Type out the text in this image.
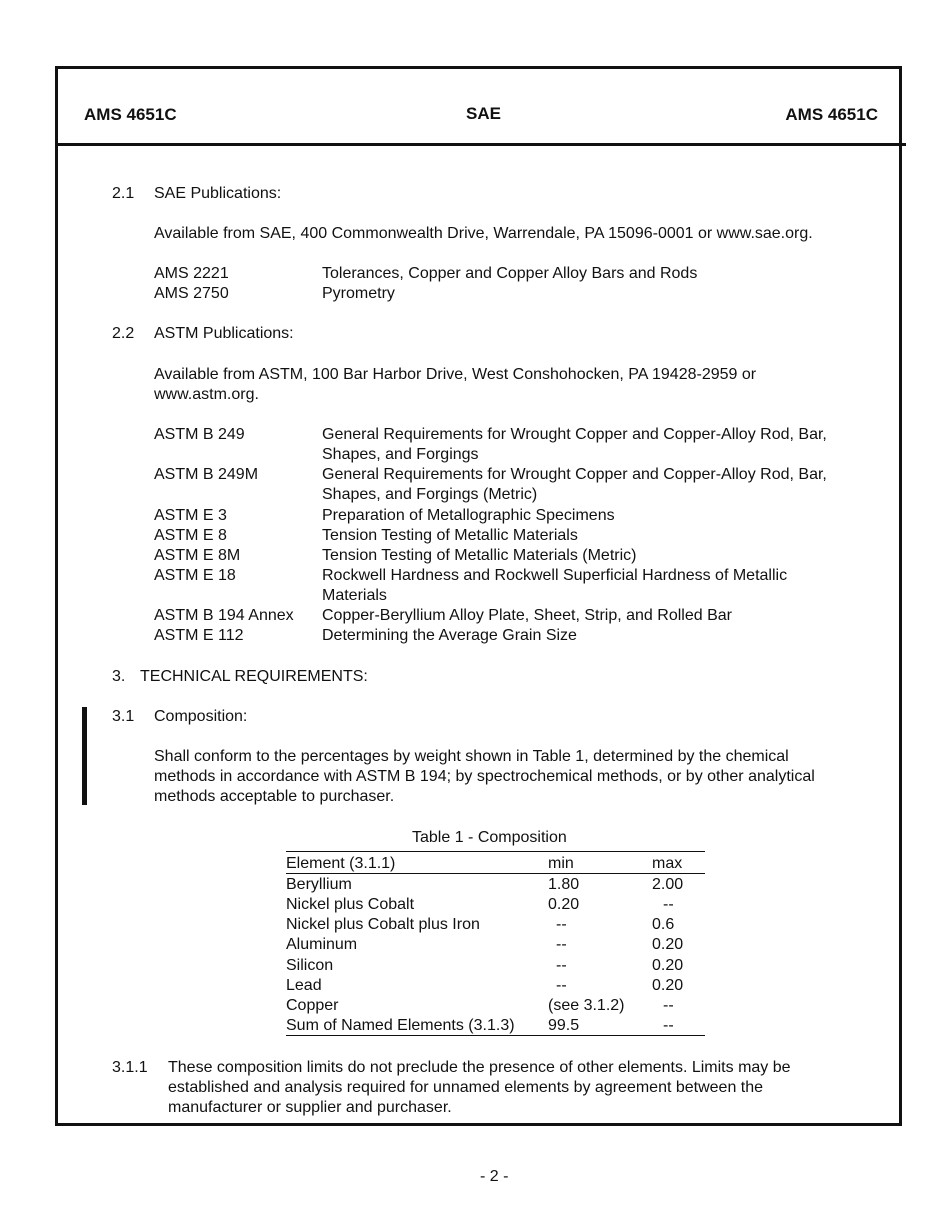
AMS 4651C	SAE	AMS 4651C
2.1 SAE Publications:
Available from SAE, 400 Commonwealth Drive, Warrendale, PA 15096-0001 or www.sae.org.
AMS 2221	Tolerances, Copper and Copper Alloy Bars and Rods
AMS 2750	Pyrometry
2.2 ASTM Publications:
Available from ASTM, 100 Bar Harbor Drive, West Conshohocken, PA 19428-2959 or
www.astm.org.
ASTM B 249	General Requirements for Wrought Copper and Copper-Alloy Rod, Bar,
Shapes, and Forgings
ASTM B 249M	General Requirements for Wrought Copper and Copper-Alloy Rod, Bar,
Shapes, and Forgings (Metric)
ASTM E 3	Preparation of Metallographic Specimens
ASTM E 8	Tension Testing of Metallic Materials
ASTM E 8M	Tension Testing of Metallic Materials (Metric)
ASTM E 18	Rockwell Hardness and Rockwell Superficial Hardness of Metallic
Materials
ASTM B 194 Annex Copper-Beryllium Alloy Plate, Sheet, Strip, and Rolled Bar
ASTM E 112	Determining the Average Grain Size
3. TECHNICAL REQUIREMENTS:
3.1 Composition:
Shall conform to the percentages by weight shown in Table 1, determined by the chemical
methods in accordance with ASTM B 194; by spectrochemical methods, or by other analytical
methods acceptable to purchaser.
Table 1 - Composition
Element (3.1.1)	min	max
Beryllium	1.80	2.00
Nickel plus Cobalt	0.20	--
Nickel plus Cobalt plus Iron	--	0.6
Aluminum	--	0.20
Silicon	--	0.20
Lead	--	0.20
Copper	(see 3.1.2) --
Sum of Named Elements (3.1.3) 99.5	--
3.1.1 These composition limits do not preclude the presence of other elements. Limits may be
established and analysis required for unnamed elements by agreement between the
manufacturer or supplier and purchaser.
- 2 -
